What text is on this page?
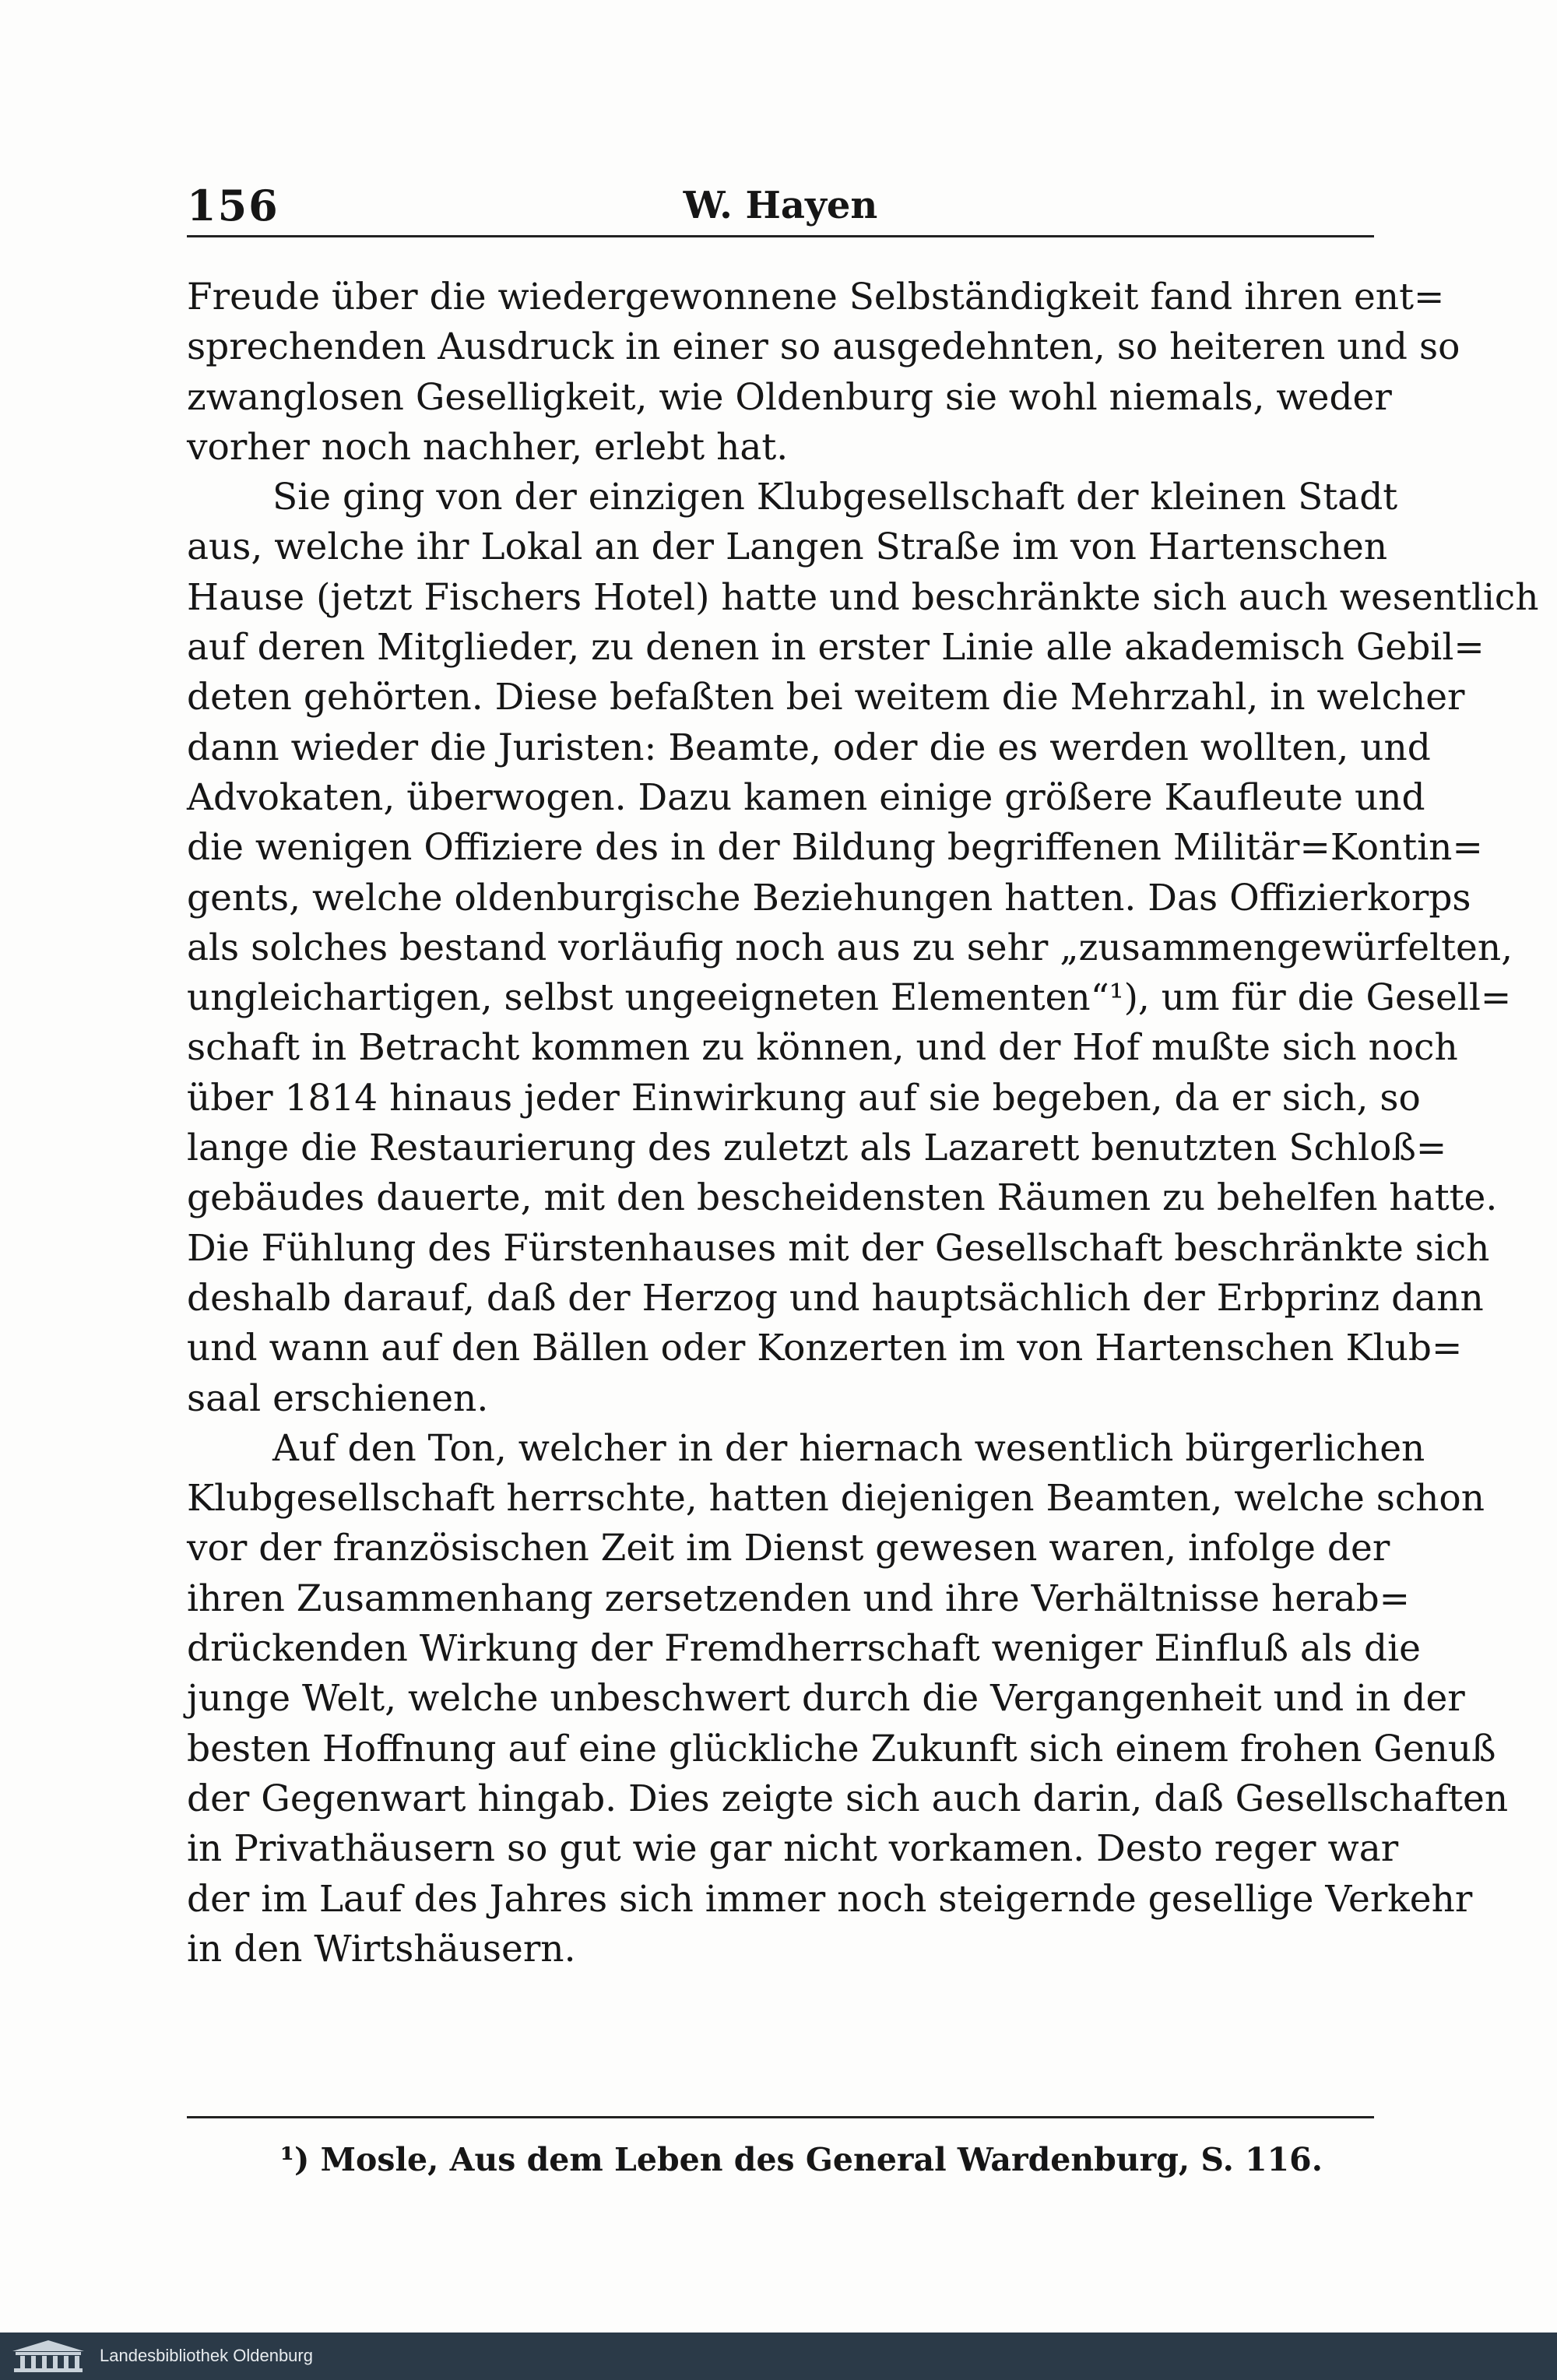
156	W. Hayen
Freude über die wiedergewonnene Selbständigkeit fand ihren ent=
sprechenden Ausdruck in einer so ausgedehnten, so heiteren und so
zwanglosen Geselligkeit, wie Oldenburg sie wohl niemals, weder
vorher noch nachher, erlebt hat.
Sie ging von der einzigen Klubgesellschaft der kleinen Stadt
aus, welche ihr Lokal an der Langen Straße im von Hartenschen
Hause (jetzt Fischers Hotel) hatte und beschränkte sich auch wesentlich
auf deren Mitglieder, zu denen in erster Linie alle akademisch Gebil=
deten gehörten. Diese befaßten bei weitem die Mehrzahl, in welcher
dann wieder die Juristen: Beamte, oder die es werden wollten, und
Advokaten, überwogen. Dazu kamen einige größere Kaufleute und
die wenigen Offiziere des in der Bildung begriffenen Militär=Kontin=
gents, welche oldenburgische Beziehungen hatten. Das Offizierkorps
als solches bestand vorläufig noch aus zu sehr „zusammengewürfelten,
ungleichartigen, selbst ungeeigneten Elementen“¹), um für die Gesell=
schaft in Betracht kommen zu können, und der Hof mußte sich noch
über 1814 hinaus jeder Einwirkung auf sie begeben, da er sich, so
lange die Restaurierung des zuletzt als Lazarett benutzten Schloß=
gebäudes dauerte, mit den bescheidensten Räumen zu behelfen hatte.
Die Fühlung des Fürstenhauses mit der Gesellschaft beschränkte sich
deshalb darauf, daß der Herzog und hauptsächlich der Erbprinz dann
und wann auf den Bällen oder Konzerten im von Hartenschen Klub=
saal erschienen.
Auf den Ton, welcher in der hiernach wesentlich bürgerlichen
Klubgesellschaft herrschte, hatten diejenigen Beamten, welche schon
vor der französischen Zeit im Dienst gewesen waren, infolge der
ihren Zusammenhang zersetzenden und ihre Verhältnisse herab=
drückenden Wirkung der Fremdherrschaft weniger Einfluß als die
junge Welt, welche unbeschwert durch die Vergangenheit und in der
besten Hoffnung auf eine glückliche Zukunft sich einem frohen Genuß
der Gegenwart hingab. Dies zeigte sich auch darin, daß Gesellschaften
in Privathäusern so gut wie gar nicht vorkamen. Desto reger war
der im Lauf des Jahres sich immer noch steigernde gesellige Verkehr
in den Wirtshäusern.
¹) Mosle, Aus dem Leben des General Wardenburg, S. 116.
Landesbibliothek Oldenburg
